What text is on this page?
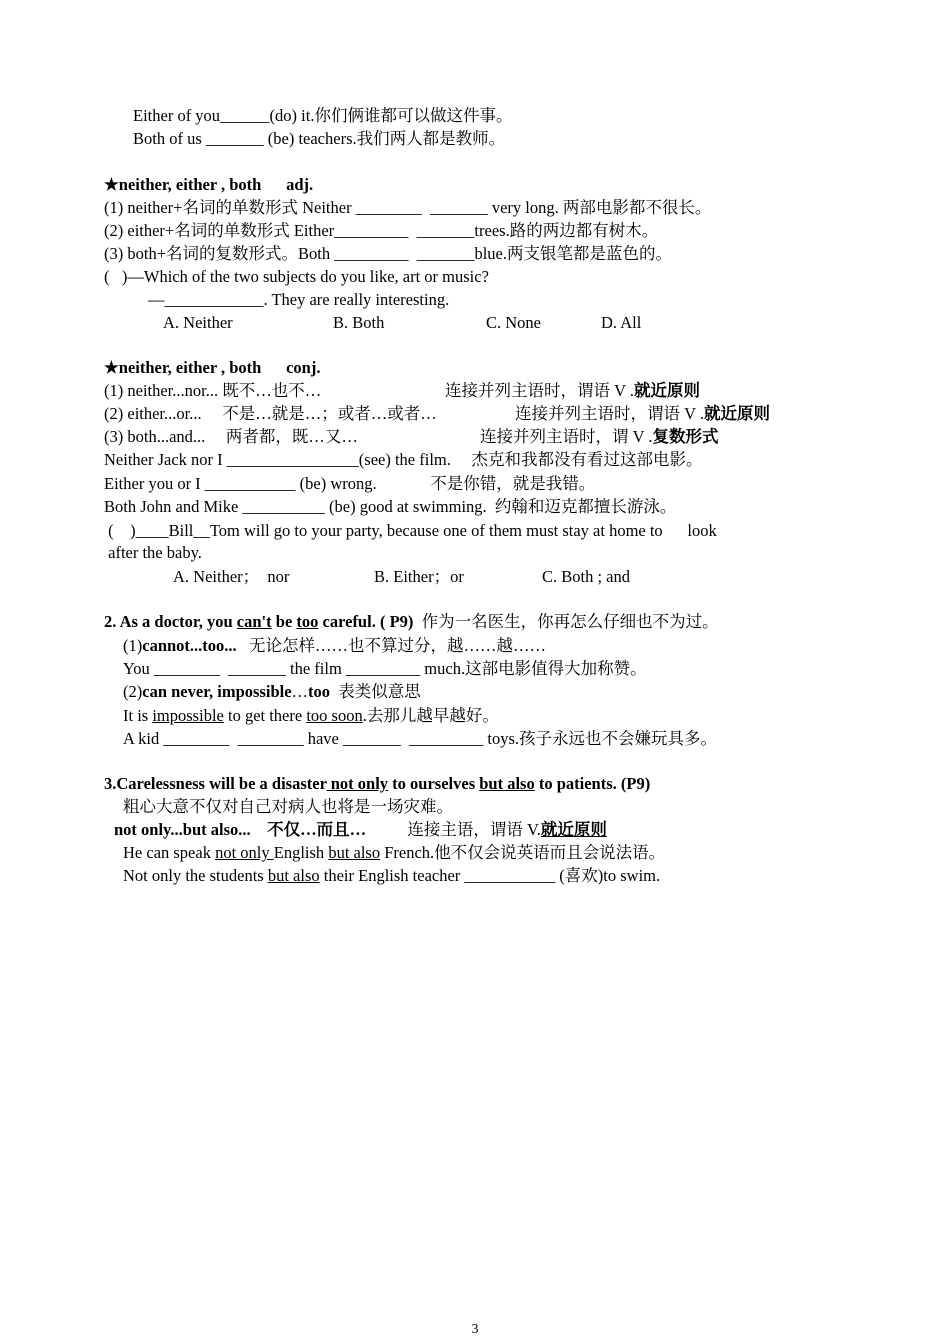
Either of you______(do) it.你们俩谁都可以做这件事。
Both of us _______ (be) teachers.我们两人都是教师。
★neither, either , both      adj.
(1) neither+名词的单数形式 Neither ________  _______ very long. 两部电影都不很长。
(2) either+名词的单数形式 Either_________  _______trees.路的两边都有树木。
(3) both+名词的复数形式。Both _________  _______blue.两支银笔都是蓝色的。
(   )—Which of the two subjects do you like, art or music?
—____________. They are really interesting.
A. Neither	B. Both	C. None	D. All
★neither, either , both      conj.
(1) neither...nor... 既不…也不…	连接并列主语时，谓语 V .就近原则
(2) either...or...     不是…就是…；或者…或者…	连接并列主语时，谓语 V .就近原则
(3) both...and...     两者都，既…又…	连接并列主语时，谓 V .复数形式
Neither Jack nor I ________________(see) the film.     杰克和我都没有看过这部电影。
Either you or I ___________ (be) wrong.             不是你错，就是我错。
Both John and Mike __________ (be) good at swimming.  约翰和迈克都擅长游泳。
(    )____Bill__Tom will go to your party, because one of them must stay at home to      look
after the baby.
A. Neither；  nor	B. Either；or	C. Both ; and
2. As a doctor, you can't be too careful. ( P9)  作为一名医生，你再怎么仔细也不为过。
(1)cannot...too...   无论怎样……也不算过分，越……越……
You ________  _______ the film _________ much.这部电影值得大加称赞。
(2)can never, impossible…too  表类似意思
It is impossible to get there too soon.去那儿越早越好。
A kid ________  ________ have _______  _________ toys.孩子永远也不会嫌玩具多。
3.Carelessness will be a disaster not only to ourselves but also to patients. (P9)
粗心大意不仅对自己对病人也将是一场灾难。
not only...but also...    不仅…而且…          连接主语，谓语 V.就近原则
He can speak not only English but also French.他不仅会说英语而且会说法语。
Not only the students but also their English teacher ___________ (喜欢)to swim.
3
